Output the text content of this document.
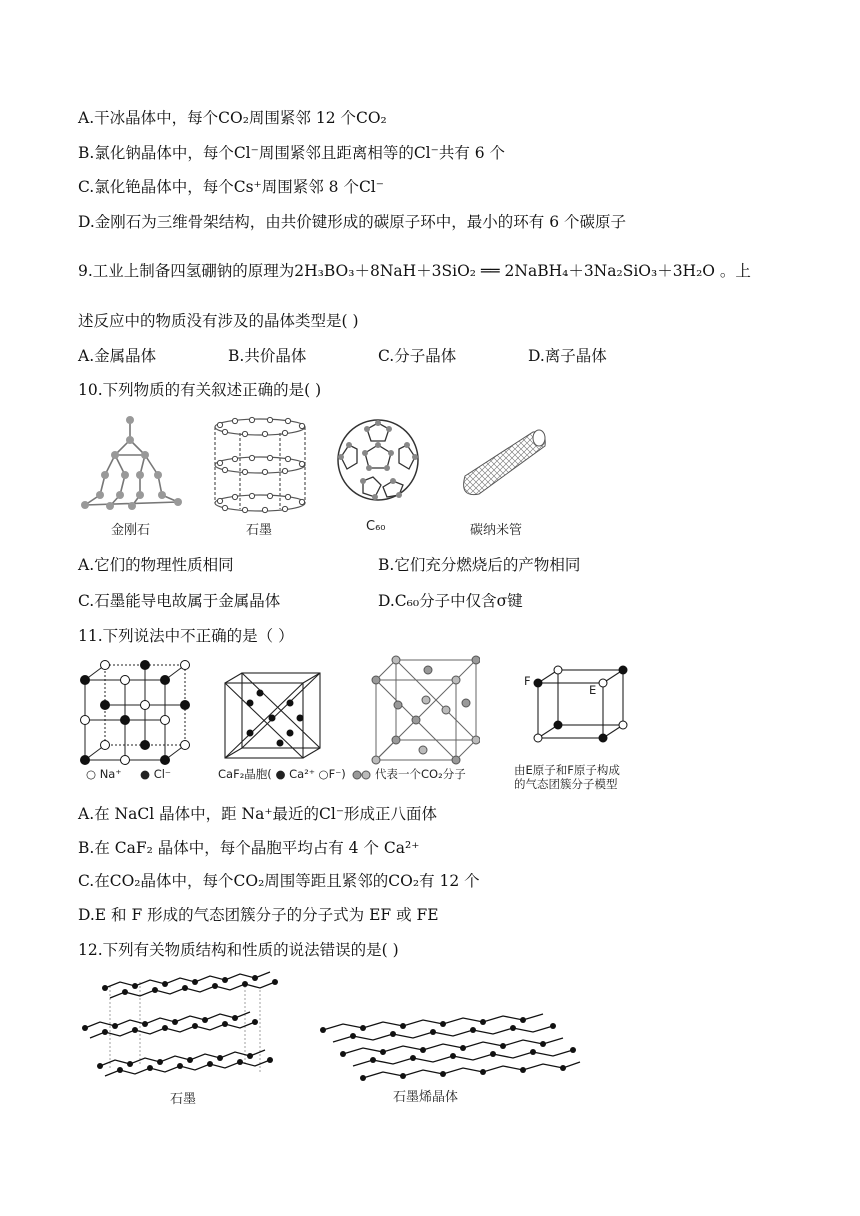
A.干冰晶体中，每个CO₂周围紧邻 12 个CO₂
B.氯化钠晶体中，每个Cl⁻周围紧邻且距离相等的Cl⁻共有 6 个
C.氯化铯晶体中，每个Cs⁺周围紧邻 8 个Cl⁻
D.金刚石为三维骨架结构，由共价键形成的碳原子环中，最小的环有 6 个碳原子
9.工业上制备四氢硼钠的原理为2H₃BO₃＋8NaH＋3SiO₂ ══ 2NaBH₄＋3Na₂SiO₃＋3H₂O 。上
述反应中的物质没有涉及的晶体类型是( )
A.金属晶体	B.共价晶体	C.分子晶体	D.离子晶体
10.下列物质的有关叙述正确的是( )
金刚石	石墨	C₆₀	碳纳米管
A.它们的物理性质相同	B.它们充分燃烧后的产物相同
C.石墨能导电故属于金属晶体	D.C₆₀分子中仅含σ键
11.下列说法中不正确的是（ ）
○ Na⁺ ● Cl⁻	CaF₂晶胞( ● Ca²⁺ ○F⁻)	代表一个CO₂分子
F
E
由E原子和F原子构成
的气态团簇分子模型
A.在 NaCl 晶体中，距 Na⁺最近的Cl⁻形成正八面体
B.在 CaF₂ 晶体中，每个晶胞平均占有 4 个 Ca²⁺
C.在CO₂晶体中，每个CO₂周围等距且紧邻的CO₂有 12 个
D.E 和 F 形成的气态团簇分子的分子式为 EF 或 FE
12.下列有关物质结构和性质的说法错误的是( )
石墨	石墨烯晶体
